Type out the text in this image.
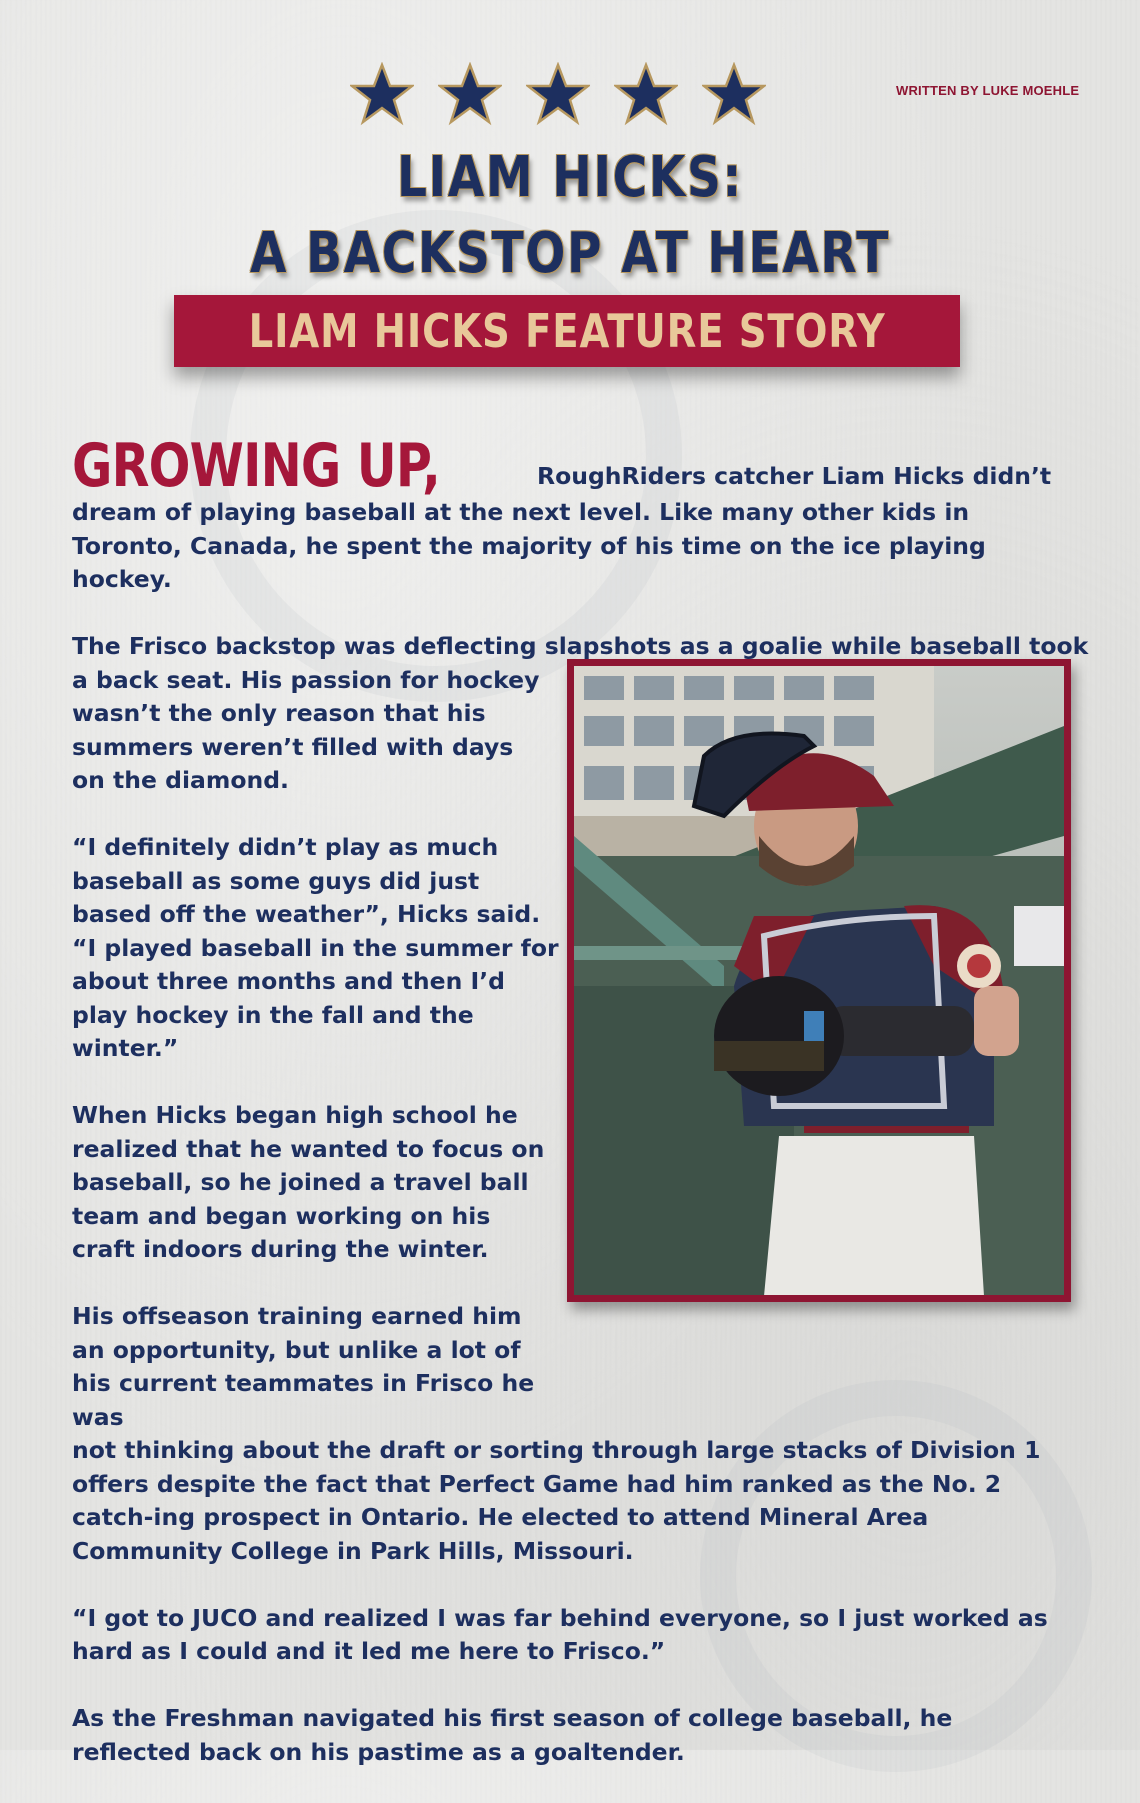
WRITTEN BY LUKE MOEHLE
LIAM HICKS:
A BACKSTOP AT HEART
LIAM HICKS FEATURE STORY

GROWING UP,	RoughRiders catcher Liam Hicks didn’t dream of playing baseball at the next level. Like many other kids in Toronto, Canada, he spent the majority of his time on the ice playing hockey.

The Frisco backstop was deflecting slapshots as a goalie while baseball took
a back seat. His passion for hockey wasn’t the only reason that his summers weren’t filled with days on the diamond.

“I definitely didn’t play as much baseball as some guys did just based off the weather”, Hicks said. “I played baseball in the summer for about three months and then I’d play hockey in the fall and the winter.”

When Hicks began high school he realized that he wanted to focus on baseball, so he joined a travel ball team and began working on his craft indoors during the winter.

His offseason training earned him an opportunity, but unlike a lot of his current teammates in Frisco he was
not thinking about the draft or sorting through large stacks of Division 1 offers despite the fact that Perfect Game had him ranked as the No. 2 catch-ing prospect in Ontario. He elected to attend Mineral Area Community College in Park Hills, Missouri.

“I got to JUCO and realized I was far behind everyone, so I just worked as hard as I could and it led me here to Frisco.”

As the Freshman navigated his first season of college baseball, he reflected back on his pastime as a goaltender.
